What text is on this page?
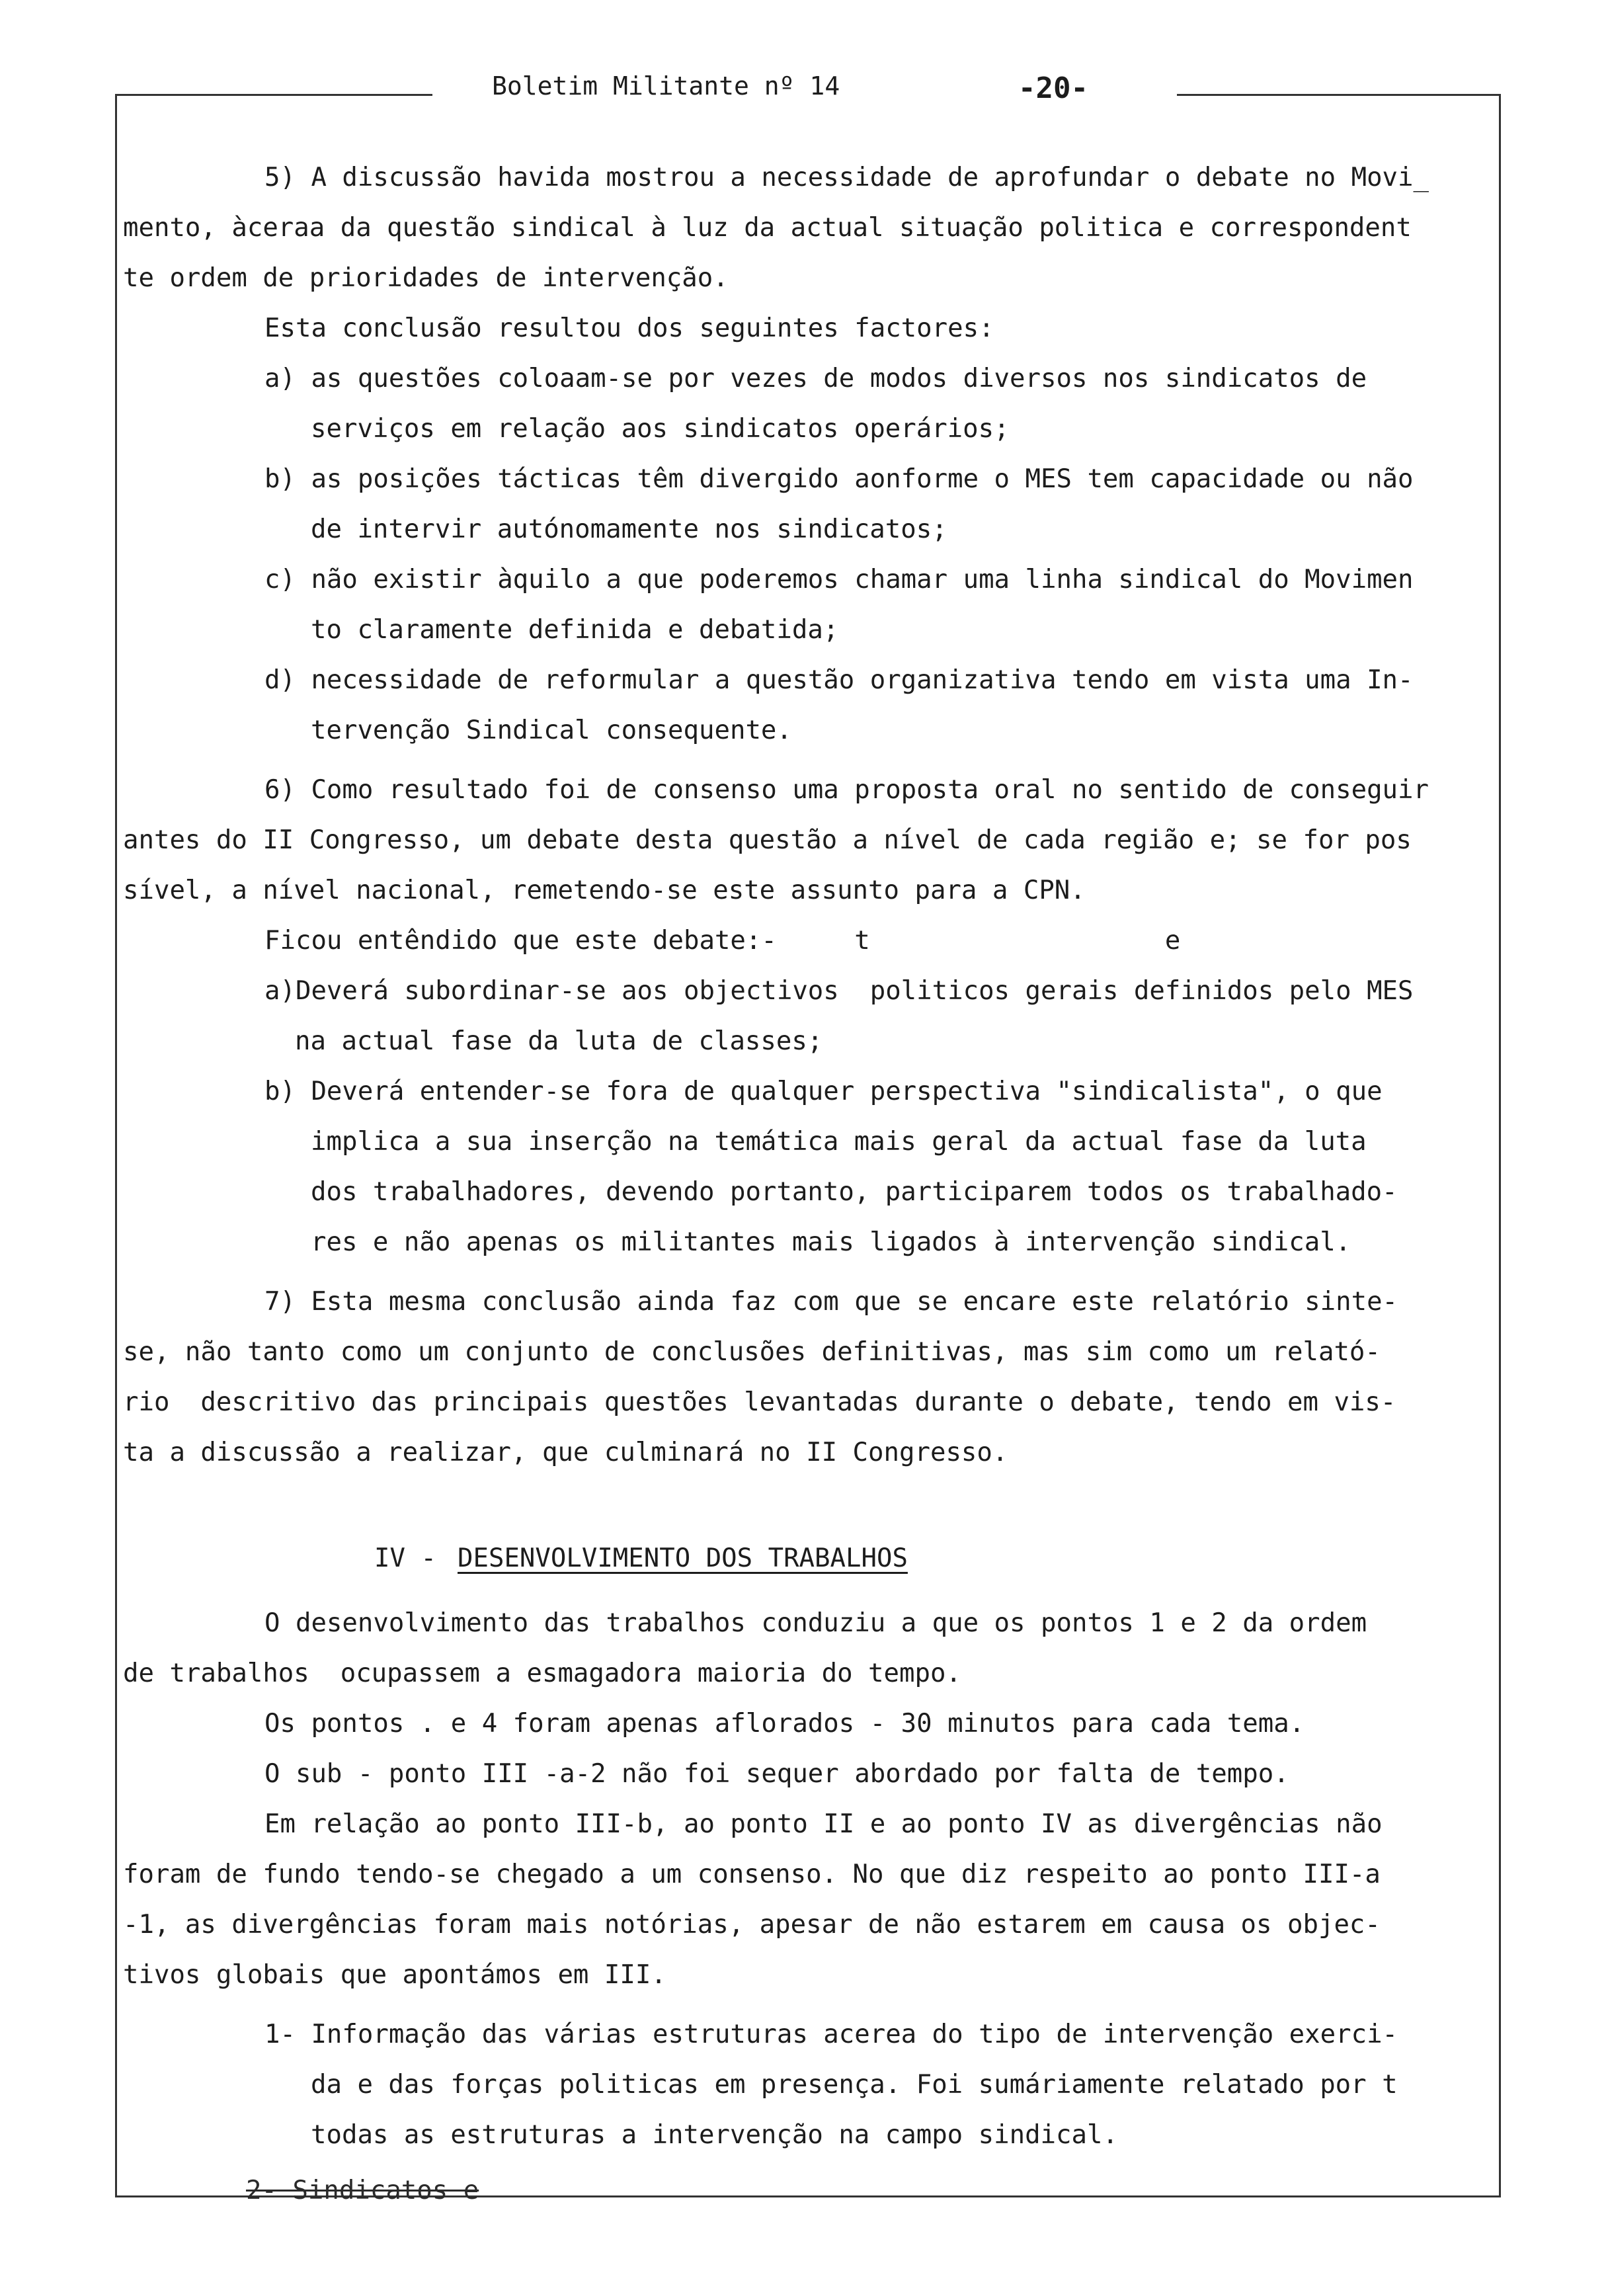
Boletim Militante nº 14	-20-
5) A discussão havida mostrou a necessidade de aprofundar o debate no Movi_
mento, àceraa da questão sindical à luz da actual situação politica e correspondent
te ordem de prioridades de intervenção.
Esta conclusão resultou dos seguintes factores:
a) as questões coloaam-se por vezes de modos diversos nos sindicatos de
serviços em relação aos sindicatos operários;
b) as posições tácticas têm divergido aonforme o MES tem capacidade ou não
de intervir autónomamente nos sindicatos;
c) não existir àquilo a que poderemos chamar uma linha sindical do Movimen
to claramente definida e debatida;
d) necessidade de reformular a questão organizativa tendo em vista uma In-
tervenção Sindical consequente.
6) Como resultado foi de consenso uma proposta oral no sentido de conseguir
antes do II Congresso, um debate desta questão a nível de cada região e; se for pos
sível, a nível nacional, remetendo-se este assunto para a CPN.
Ficou entêndido que este debate:-     t                   e
a)Deverá subordinar-se aos objectivos  politicos gerais definidos pelo MES
na actual fase da luta de classes;
b) Deverá entender-se fora de qualquer perspectiva "sindicalista", o que
implica a sua inserção na temática mais geral da actual fase da luta
dos trabalhadores, devendo portanto, participarem todos os trabalhado-
res e não apenas os militantes mais ligados à intervenção sindical.
7) Esta mesma conclusão ainda faz com que se encare este relatório sinte-
se, não tanto como um conjunto de conclusões definitivas, mas sim como um relató-
rio  descritivo das principais questões levantadas durante o debate, tendo em vis-
ta a discussão a realizar, que culminará no II Congresso.
IV - DESENVOLVIMENTO DOS TRABALHOS
O desenvolvimento das trabalhos conduziu a que os pontos 1 e 2 da ordem
de trabalhos  ocupassem a esmagadora maioria do tempo.
Os pontos . e 4 foram apenas aflorados - 30 minutos para cada tema.
O sub - ponto III -a-2 não foi sequer abordado por falta de tempo.
Em relação ao ponto III-b, ao ponto II e ao ponto IV as divergências não
foram de fundo tendo-se chegado a um consenso. No que diz respeito ao ponto III-a
-1, as divergências foram mais notórias, apesar de não estarem em causa os objec-
tivos globais que apontámos em III.
1- Informação das várias estruturas acerea do tipo de intervenção exerci-
da e das forças politicas em presença. Foi sumáriamente relatado por t
todas as estruturas a intervenção na campo sindical.
2- Sindicatos e
